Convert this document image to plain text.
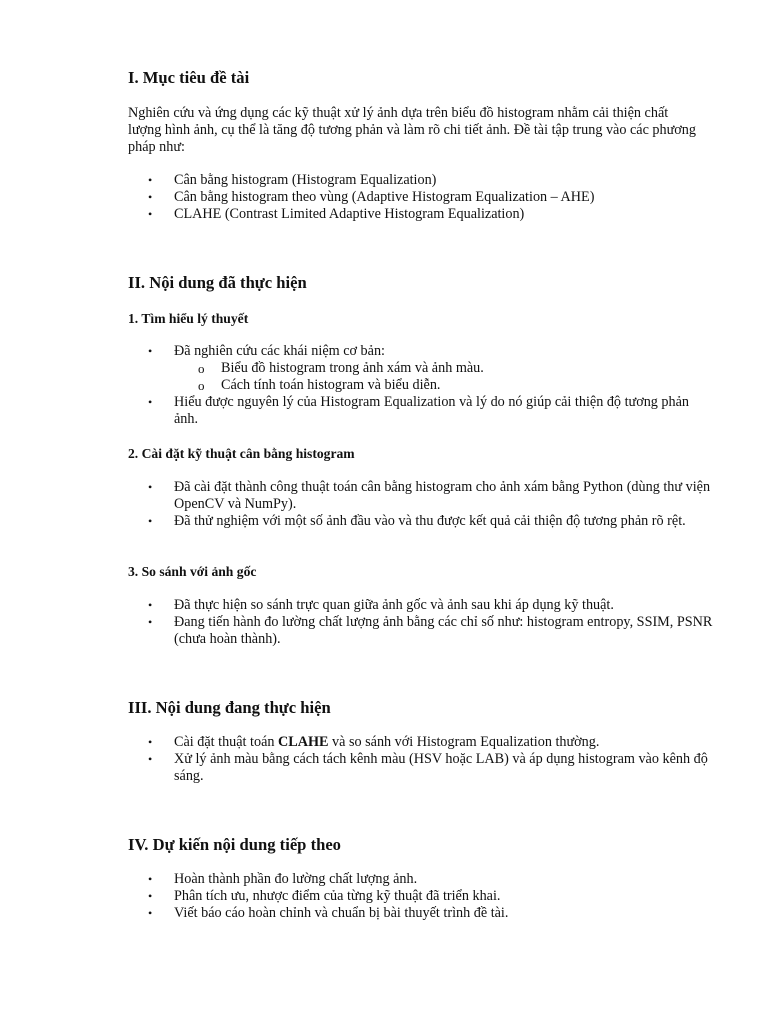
I. Mục tiêu đề tài
Nghiên cứu và ứng dụng các kỹ thuật xử lý ảnh dựa trên biểu đồ histogram nhằm cải thiện chất lượng hình ảnh, cụ thể là tăng độ tương phản và làm rõ chi tiết ảnh. Đề tài tập trung vào các phương pháp như:
• Cân bằng histogram (Histogram Equalization)
• Cân bằng histogram theo vùng (Adaptive Histogram Equalization – AHE)
• CLAHE (Contrast Limited Adaptive Histogram Equalization)
II. Nội dung đã thực hiện
1. Tìm hiểu lý thuyết
• Đã nghiên cứu các khái niệm cơ bản:
o Biểu đồ histogram trong ảnh xám và ảnh màu.
o Cách tính toán histogram và biểu diễn.
• Hiểu được nguyên lý của Histogram Equalization và lý do nó giúp cải thiện độ tương phản ảnh.
2. Cài đặt kỹ thuật cân bằng histogram
• Đã cài đặt thành công thuật toán cân bằng histogram cho ảnh xám bằng Python (dùng thư viện OpenCV và NumPy).
• Đã thử nghiệm với một số ảnh đầu vào và thu được kết quả cải thiện độ tương phản rõ rệt.
3. So sánh với ảnh gốc
• Đã thực hiện so sánh trực quan giữa ảnh gốc và ảnh sau khi áp dụng kỹ thuật.
• Đang tiến hành đo lường chất lượng ảnh bằng các chỉ số như: histogram entropy, SSIM, PSNR (chưa hoàn thành).
III. Nội dung đang thực hiện
• Cài đặt thuật toán CLAHE và so sánh với Histogram Equalization thường.
• Xử lý ảnh màu bằng cách tách kênh màu (HSV hoặc LAB) và áp dụng histogram vào kênh độ sáng.
IV. Dự kiến nội dung tiếp theo
• Hoàn thành phần đo lường chất lượng ảnh.
• Phân tích ưu, nhược điểm của từng kỹ thuật đã triển khai.
• Viết báo cáo hoàn chỉnh và chuẩn bị bài thuyết trình đề tài.
